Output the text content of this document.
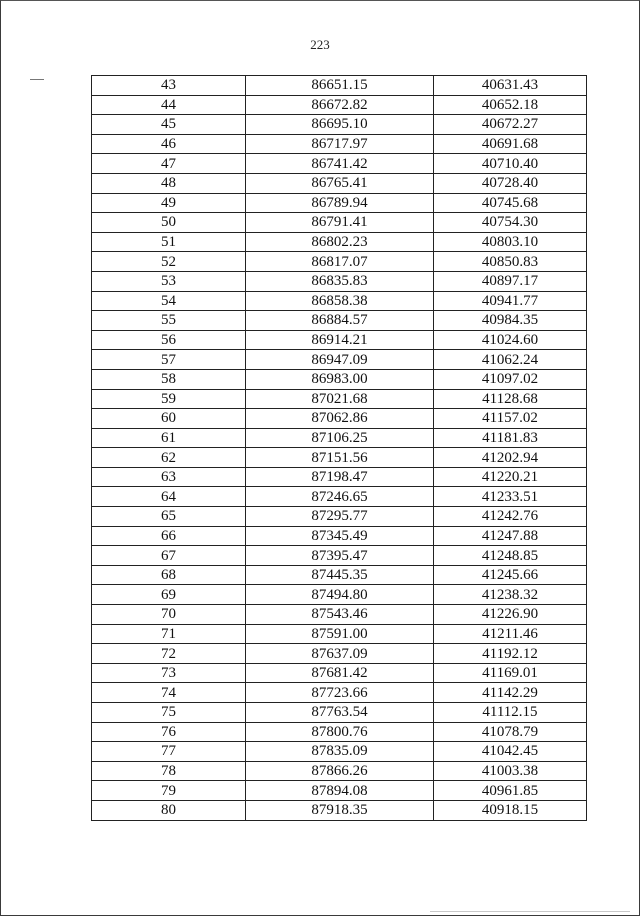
223
43	86651.15	40631.43
44	86672.82	40652.18
45	86695.10	40672.27
46	86717.97	40691.68
47	86741.42	40710.40
48	86765.41	40728.40
49	86789.94	40745.68
50	86791.41	40754.30
51	86802.23	40803.10
52	86817.07	40850.83
53	86835.83	40897.17
54	86858.38	40941.77
55	86884.57	40984.35
56	86914.21	41024.60
57	86947.09	41062.24
58	86983.00	41097.02
59	87021.68	41128.68
60	87062.86	41157.02
61	87106.25	41181.83
62	87151.56	41202.94
63	87198.47	41220.21
64	87246.65	41233.51
65	87295.77	41242.76
66	87345.49	41247.88
67	87395.47	41248.85
68	87445.35	41245.66
69	87494.80	41238.32
70	87543.46	41226.90
71	87591.00	41211.46
72	87637.09	41192.12
73	87681.42	41169.01
74	87723.66	41142.29
75	87763.54	41112.15
76	87800.76	41078.79
77	87835.09	41042.45
78	87866.26	41003.38
79	87894.08	40961.85
80	87918.35	40918.15
